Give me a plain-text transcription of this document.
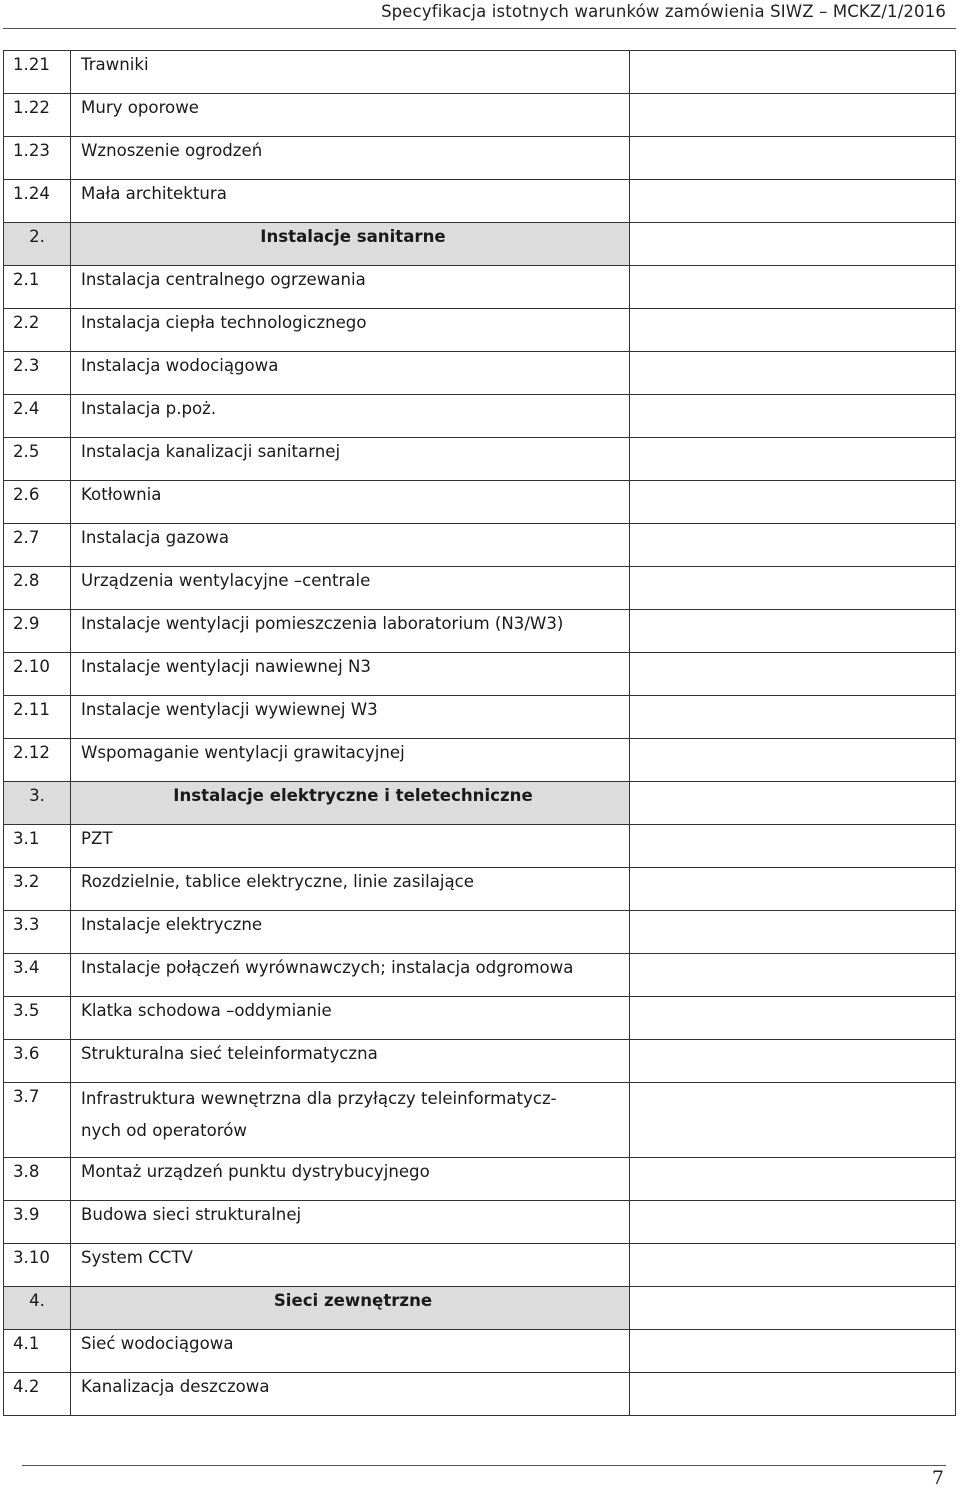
Specyfikacja istotnych warunków zamówienia SIWZ – MCKZ/1/2016
1.21	Trawniki	

1.22	Mury oporowe	

1.23	Wznoszenie ogrodzeń	

1.24	Mała architektura	

2.	Instalacje sanitarne	

2.1	Instalacja centralnego ogrzewania	

2.2	Instalacja ciepła technologicznego	

2.3	Instalacja wodociągowa	

2.4	Instalacja p.poż.	

2.5	Instalacja kanalizacji sanitarnej	

2.6	Kotłownia	

2.7	Instalacja gazowa	

2.8	Urządzenia wentylacyjne –centrale	

2.9	Instalacje wentylacji pomieszczenia laboratorium (N3/W3)	

2.10	Instalacje wentylacji nawiewnej N3	

2.11	Instalacje wentylacji wywiewnej W3	

2.12	Wspomaganie wentylacji grawitacyjnej	

3.	Instalacje elektryczne i teletechniczne	

3.1	PZT	

3.2	Rozdzielnie, tablice elektryczne, linie zasilające	

3.3	Instalacje elektryczne	

3.4	Instalacje połączeń wyrównawczych; instalacja odgromowa	

3.5	Klatka schodowa –oddymianie	

3.6	Strukturalna sieć teleinformatyczna	

3.7	Infrastruktura wewnętrzna dla przyłączy teleinformatycz-
nych od operatorów	

3.8	Montaż urządzeń punktu dystrybucyjnego	

3.9	Budowa sieci strukturalnej	

3.10	System CCTV	

4.	Sieci zewnętrzne	

4.1	Sieć wodociągowa	

4.2	Kanalizacja deszczowa	

7
